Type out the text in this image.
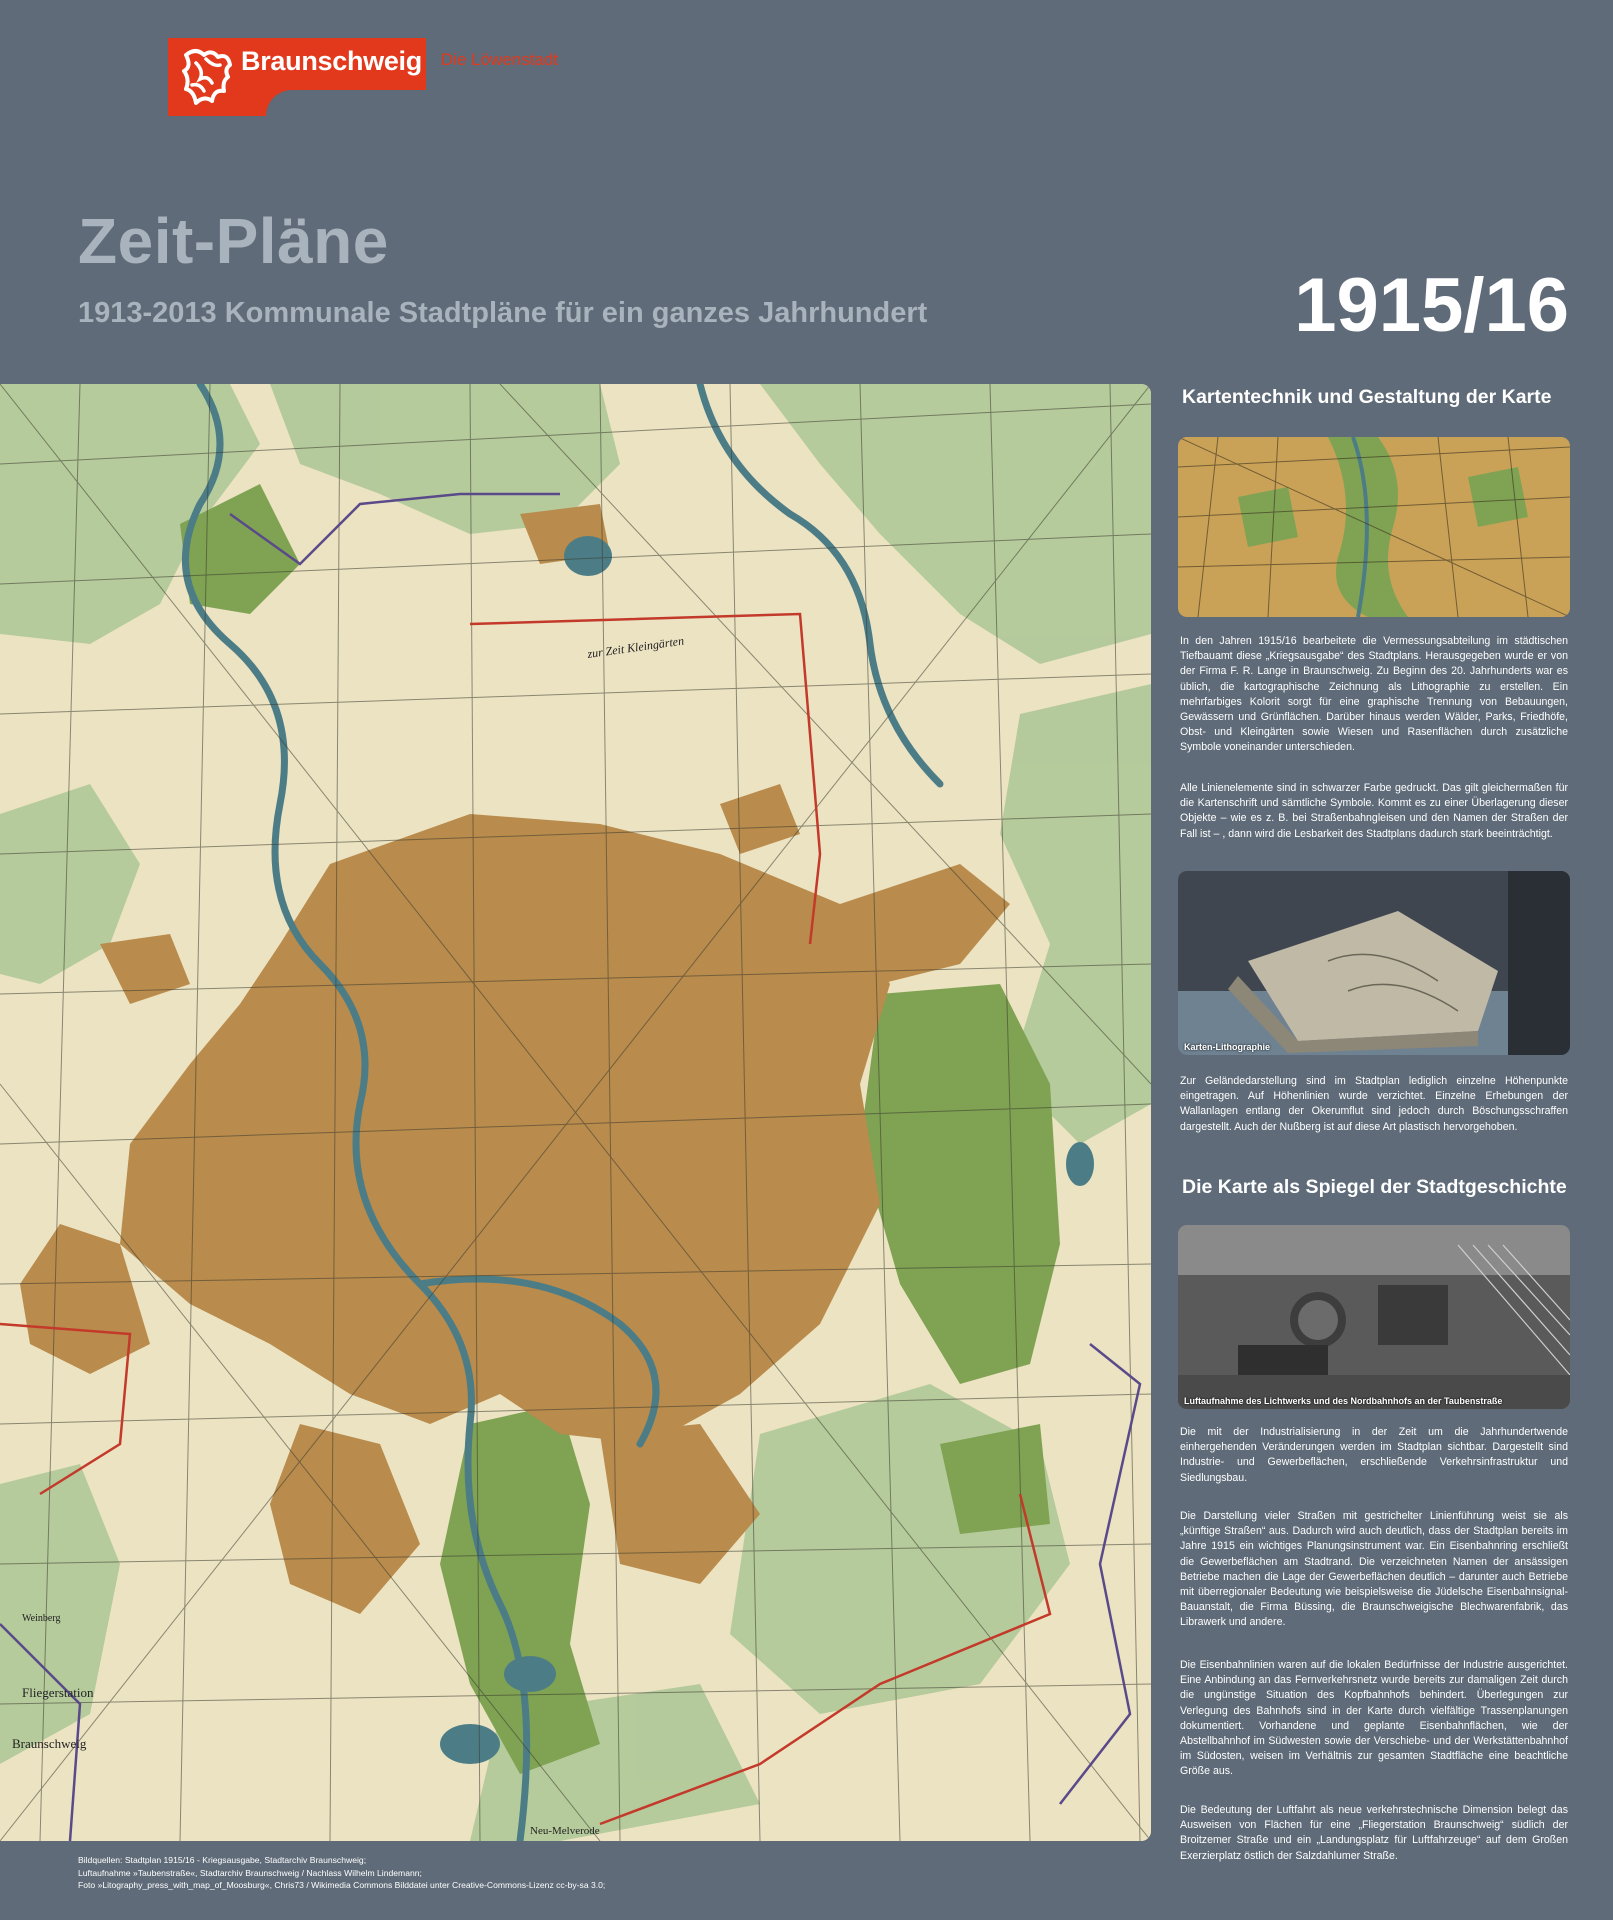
Braunschweig Die Löwenstadt
Zeit-Pläne
1913-2013 Kommunale Stadtpläne für ein ganzes Jahrhundert	1915/16
zur Zeit Kleingärten
Fliegerstation
Braunschweig
Neu-Melverode
Weinberg
Kartentechnik und Gestaltung der Karte

In den Jahren 1915/16 bearbeitete die Vermessungsabteilung im städtischen Tiefbauamt diese „Kriegsausgabe“ des Stadtplans. Herausgegeben wurde er von der Firma F. R. Lange in Braunschweig. Zu Beginn des 20. Jahrhunderts war es üblich, die kartographische Zeichnung als Lithographie zu erstellen. Ein mehrfarbiges Kolorit sorgt für eine graphische Trennung von Bebauungen, Gewässern und Grünflächen. Darüber hinaus werden Wälder, Parks, Friedhöfe, Obst- und Kleingärten sowie Wiesen und Rasenflächen durch zusätzliche Symbole voneinander unterschieden.

Alle Linienelemente sind in schwarzer Farbe gedruckt. Das gilt gleichermaßen für die Kartenschrift und sämtliche Symbole. Kommt es zu einer Überlagerung dieser Objekte – wie es z. B. bei Straßenbahngleisen und den Namen der Straßen der Fall ist – , dann wird die Lesbarkeit des Stadtplans dadurch stark beeinträchtigt.

Karten-Lithographie

Zur Geländedarstellung sind im Stadtplan lediglich einzelne Höhenpunkte eingetragen. Auf Höhenlinien wurde verzichtet. Einzelne Erhebungen der Wallanlagen entlang der Okerumflut sind jedoch durch Böschungsschraffen dargestellt. Auch der Nußberg ist auf diese Art plastisch hervorgehoben.

Die Karte als Spiegel der Stadtgeschichte
Luftaufnahme des Lichtwerks und des Nordbahnhofs an der Taubenstraße

Die mit der Industrialisierung in der Zeit um die Jahrhundertwende einhergehenden Veränderungen werden im Stadtplan sichtbar. Dargestellt sind Industrie- und Gewerbeflächen, erschließende Verkehrsinfrastruktur und Siedlungsbau.

Die Darstellung vieler Straßen mit gestrichelter Linienführung weist sie als „künftige Straßen“ aus. Dadurch wird auch deutlich, dass der Stadtplan bereits im Jahre 1915 ein wichtiges Planungsinstrument war. Ein Eisenbahnring erschließt die Gewerbeflächen am Stadtrand. Die verzeichneten Namen der ansässigen Betriebe machen die Lage der Gewerbeflächen deutlich – darunter auch Betriebe mit überregionaler Bedeutung wie beispielsweise die Jüdelsche Eisenbahnsignal-Bauanstalt, die Firma Büssing, die Braunschweigische Blechwarenfabrik, das Librawerk und andere.

Die Eisenbahnlinien waren auf die lokalen Bedürfnisse der Industrie ausgerichtet. Eine Anbindung an das Fernverkehrsnetz wurde bereits zur damaligen Zeit durch die ungünstige Situation des Kopfbahnhofs behindert. Überlegungen zur Verlegung des Bahnhofs sind in der Karte durch vielfältige Trassenplanungen dokumentiert. Vorhandene und geplante Eisenbahnflächen, wie der Abstellbahnhof im Südwesten sowie der Verschiebe- und der Werkstättenbahnhof im Südosten, weisen im Verhältnis zur gesamten Stadtfläche eine beachtliche Größe aus.

Die Bedeutung der Luftfahrt als neue verkehrstechnische Dimension belegt das Ausweisen von Flächen für eine „Fliegerstation Braunschweig“ südlich der Broitzemer Straße und ein „Landungsplatz für Luftfahrzeuge“ auf dem Großen Exerzierplatz östlich der Salzdahlumer Straße.

Bildquellen: Stadtplan 1915/16 - Kriegsausgabe, Stadtarchiv Braunschweig;
Luftaufnahme »Taubenstraße«, Stadtarchiv Braunschweig / Nachlass Wilhelm Lindemann;
Foto »Litography_press_with_map_of_Moosburg«, Chris73 / Wikimedia Commons Bilddatei unter Creative-Commons-Lizenz cc-by-sa 3.0;
